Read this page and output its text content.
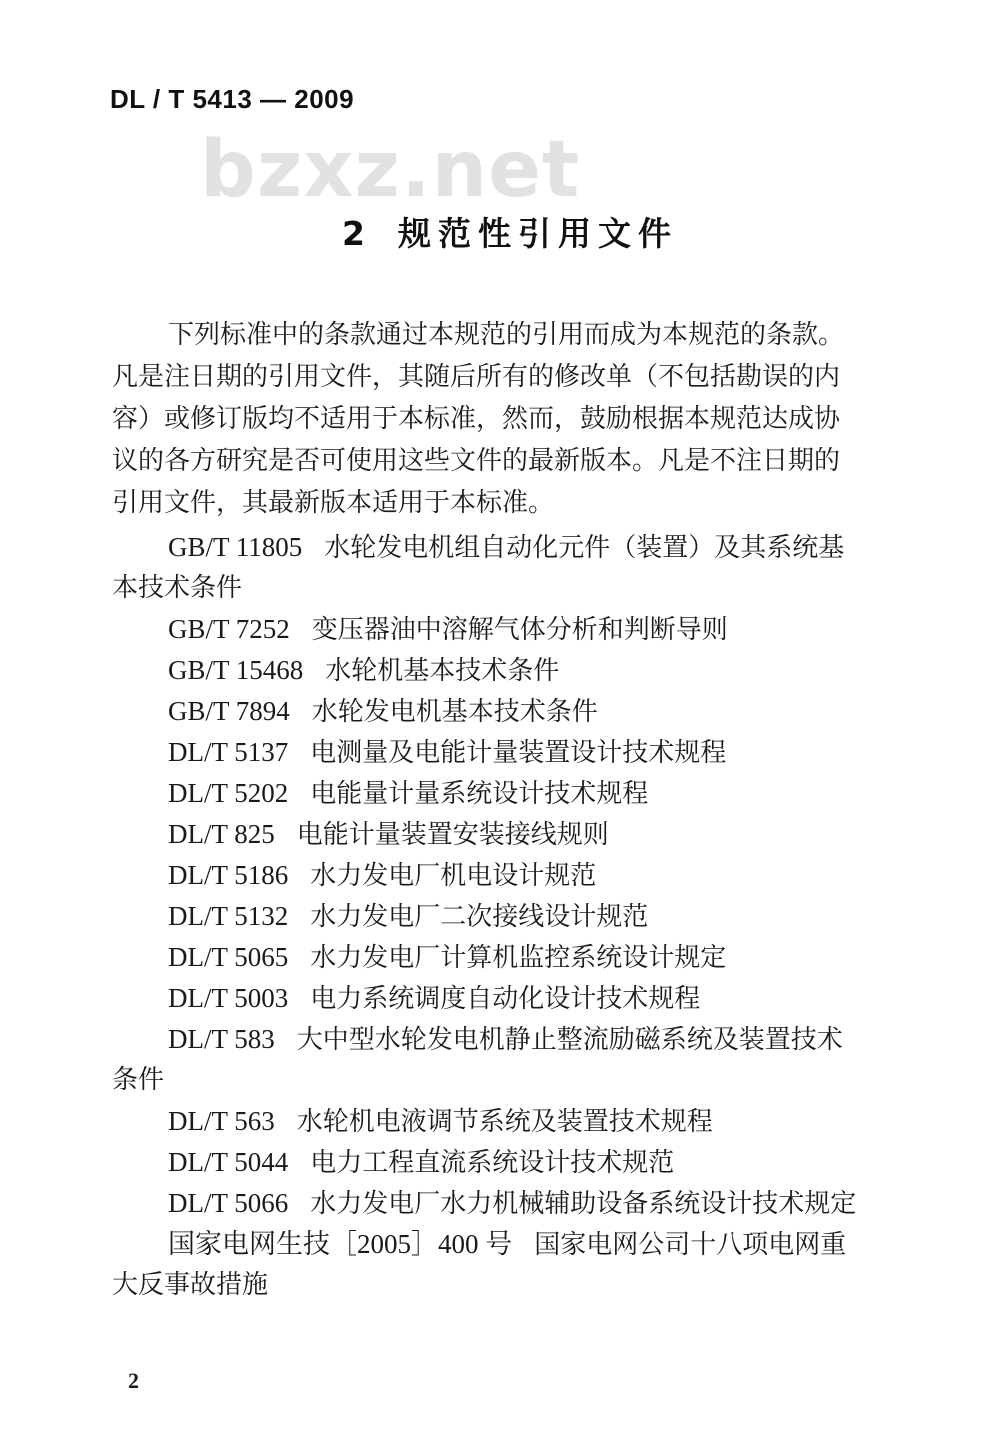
DL / T 5413 — 2009
bzxz.net
2 规范性引用文件
下列标准中的条款通过本规范的引用而成为本规范的条款。
凡是注日期的引用文件，其随后所有的修改单（不包括勘误的内
容）或修订版均不适用于本标准，然而，鼓励根据本规范达成协
议的各方研究是否可使用这些文件的最新版本。凡是不注日期的
引用文件，其最新版本适用于本标准。
GB/T 11805 水轮发电机组自动化元件（装置）及其系统基
本技术条件
GB/T 7252 变压器油中溶解气体分析和判断导则
GB/T 15468 水轮机基本技术条件
GB/T 7894 水轮发电机基本技术条件
DL/T 5137 电测量及电能计量装置设计技术规程
DL/T 5202 电能量计量系统设计技术规程
DL/T 825 电能计量装置安装接线规则
DL/T 5186 水力发电厂机电设计规范
DL/T 5132 水力发电厂二次接线设计规范
DL/T 5065 水力发电厂计算机监控系统设计规定
DL/T 5003 电力系统调度自动化设计技术规程
DL/T 583 大中型水轮发电机静止整流励磁系统及装置技术
条件
DL/T 563 水轮机电液调节系统及装置技术规程
DL/T 5044 电力工程直流系统设计技术规范
DL/T 5066 水力发电厂水力机械辅助设备系统设计技术规定
国家电网生技［2005］400 号 国家电网公司十八项电网重
大反事故措施
2
